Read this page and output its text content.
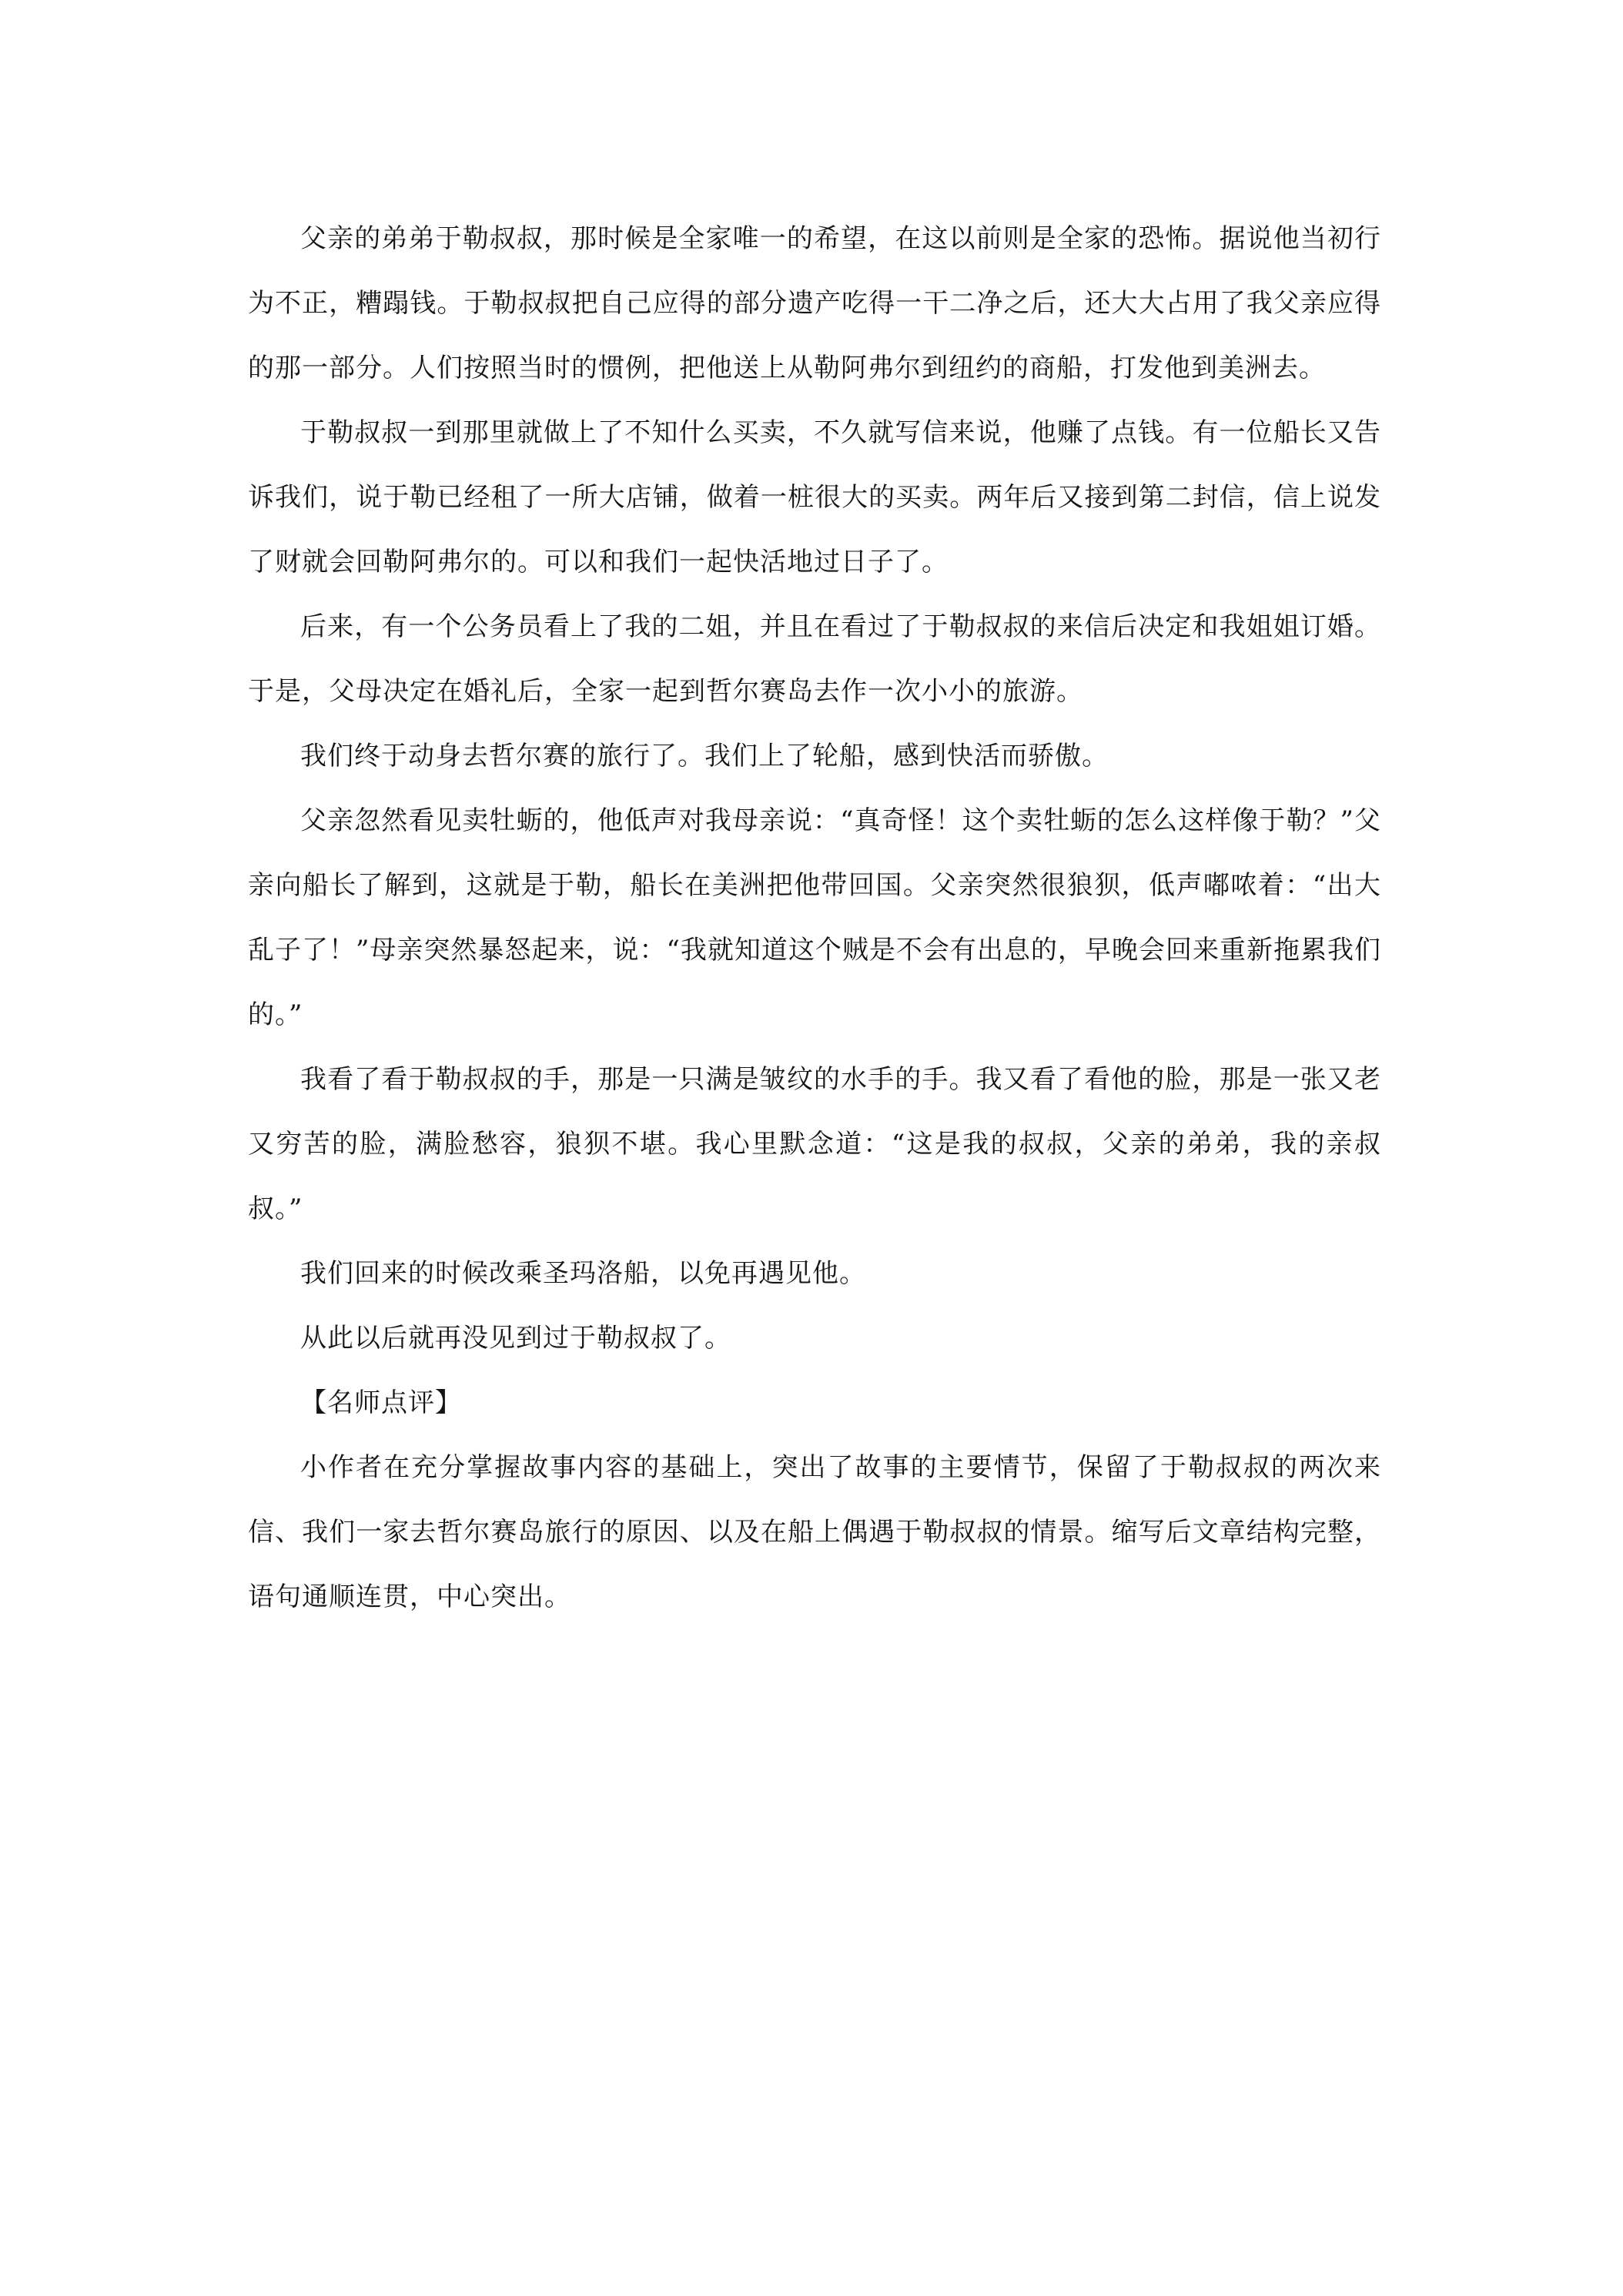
父亲的弟弟于勒叔叔，那时候是全家唯一的希望，在这以前则是全家的恐怖。据说他当初行为不正，糟蹋钱。于勒叔叔把自己应得的部分遗产吃得一干二净之后，还大大占用了我父亲应得的那一部分。人们按照当时的惯例，把他送上从勒阿弗尔到纽约的商船，打发他到美洲去。

于勒叔叔一到那里就做上了不知什么买卖，不久就写信来说，他赚了点钱。有一位船长又告诉我们，说于勒已经租了一所大店铺，做着一桩很大的买卖。两年后又接到第二封信，信上说发了财就会回勒阿弗尔的。可以和我们一起快活地过日子了。

后来，有一个公务员看上了我的二姐，并且在看过了于勒叔叔的来信后决定和我姐姐订婚。于是，父母决定在婚礼后，全家一起到哲尔赛岛去作一次小小的旅游。

我们终于动身去哲尔赛的旅行了。我们上了轮船，感到快活而骄傲。

父亲忽然看见卖牡蛎的，他低声对我母亲说：“真奇怪！这个卖牡蛎的怎么这样像于勒？”父亲向船长了解到，这就是于勒，船长在美洲把他带回国。父亲突然很狼狈，低声嘟哝着：“出大乱子了！”母亲突然暴怒起来，说：“我就知道这个贼是不会有出息的，早晚会回来重新拖累我们的。”

我看了看于勒叔叔的手，那是一只满是皱纹的水手的手。我又看了看他的脸，那是一张又老又穷苦的脸，满脸愁容，狼狈不堪。我心里默念道：“这是我的叔叔，父亲的弟弟，我的亲叔叔。”

我们回来的时候改乘圣玛洛船，以免再遇见他。

从此以后就再没见到过于勒叔叔了。

【名师点评】

小作者在充分掌握故事内容的基础上，突出了故事的主要情节，保留了于勒叔叔的两次来信、我们一家去哲尔赛岛旅行的原因、以及在船上偶遇于勒叔叔的情景。缩写后文章结构完整，语句通顺连贯，中心突出。
